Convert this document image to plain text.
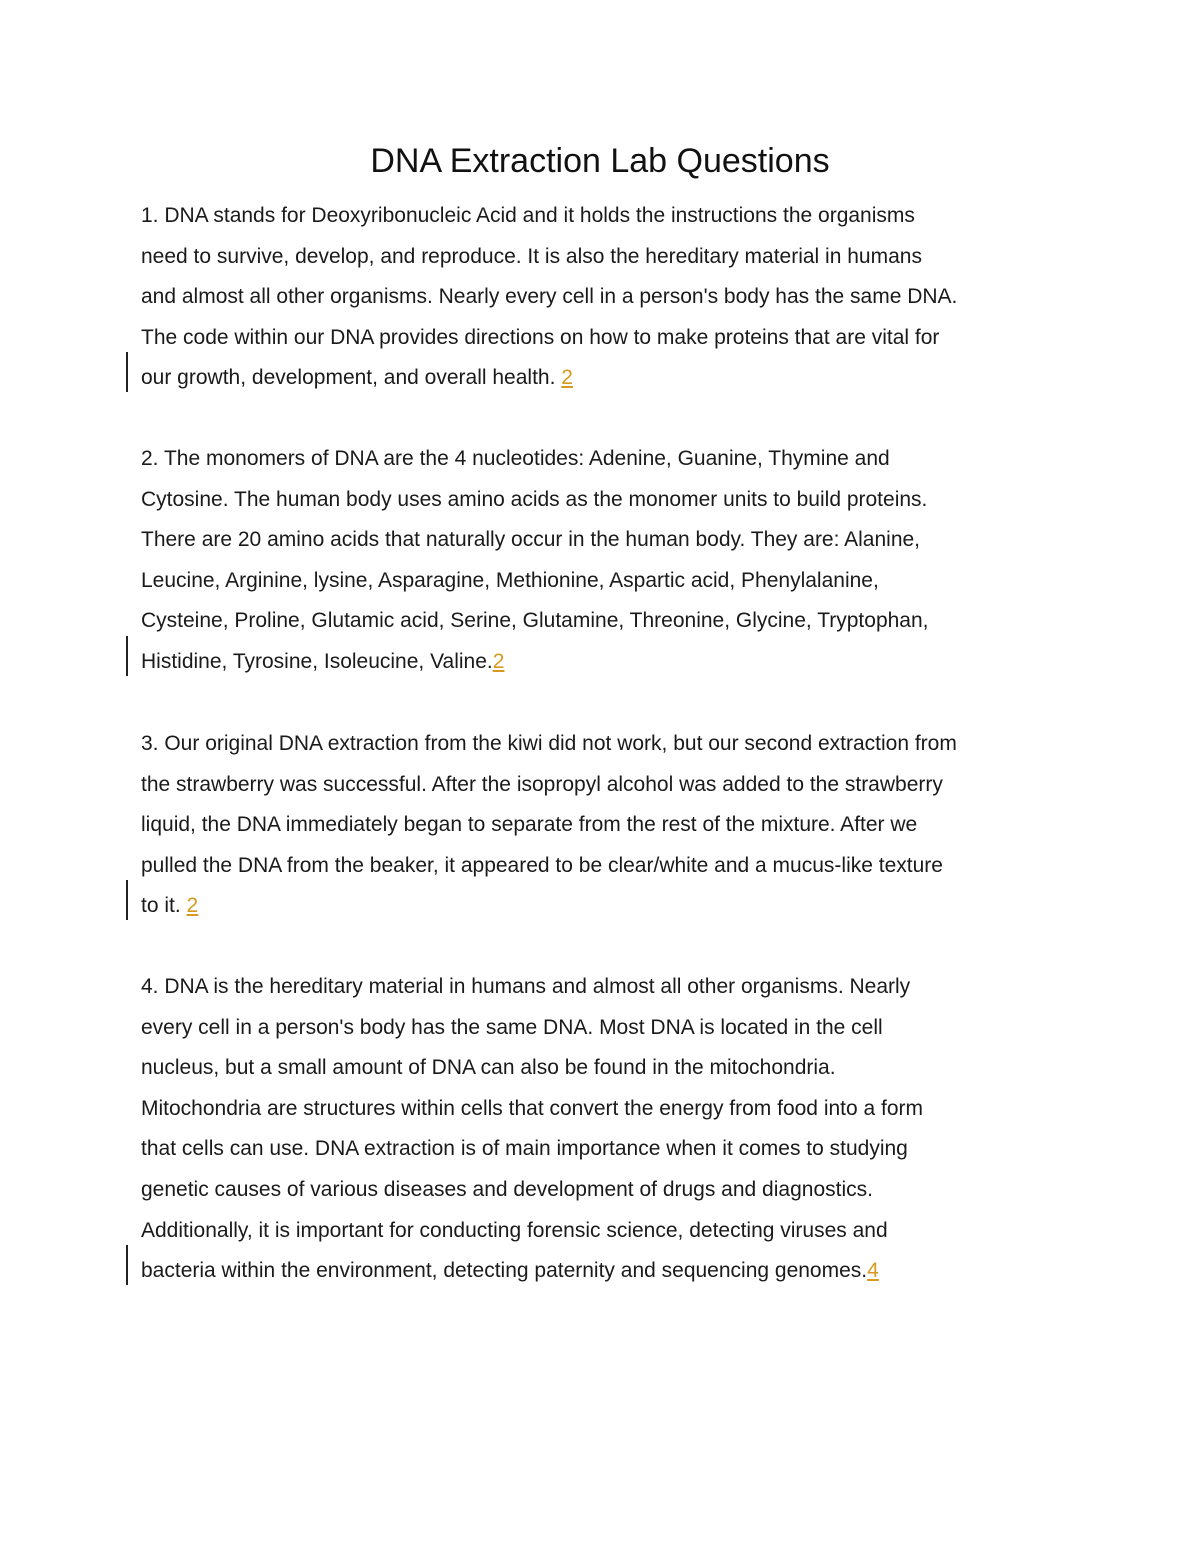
DNA Extraction Lab Questions
1. DNA stands for Deoxyribonucleic Acid and it holds the instructions the organisms
need to survive, develop, and reproduce. It is also the hereditary material in humans
and almost all other organisms. Nearly every cell in a person's body has the same DNA.
The code within our DNA provides directions on how to make proteins that are vital for
our growth, development, and overall health. 2
2. The monomers of DNA are the 4 nucleotides: Adenine, Guanine, Thymine and
Cytosine. The human body uses amino acids as the monomer units to build proteins.
There are 20 amino acids that naturally occur in the human body. They are: Alanine,
Leucine, Arginine, lysine, Asparagine, Methionine, Aspartic acid, Phenylalanine,
Cysteine, Proline, Glutamic acid, Serine, Glutamine, Threonine, Glycine, Tryptophan,
Histidine, Tyrosine, Isoleucine, Valine.2
3. Our original DNA extraction from the kiwi did not work, but our second extraction from
the strawberry was successful. After the isopropyl alcohol was added to the strawberry
liquid, the DNA immediately began to separate from the rest of the mixture. After we
pulled the DNA from the beaker, it appeared to be clear/white and a mucus-like texture
to it. 2
4. DNA is the hereditary material in humans and almost all other organisms. Nearly
every cell in a person's body has the same DNA. Most DNA is located in the cell
nucleus, but a small amount of DNA can also be found in the mitochondria.
Mitochondria are structures within cells that convert the energy from food into a form
that cells can use. DNA extraction is of main importance when it comes to studying
genetic causes of various diseases and development of drugs and diagnostics.
Additionally, it is important for conducting forensic science, detecting viruses and
bacteria within the environment, detecting paternity and sequencing genomes.4
